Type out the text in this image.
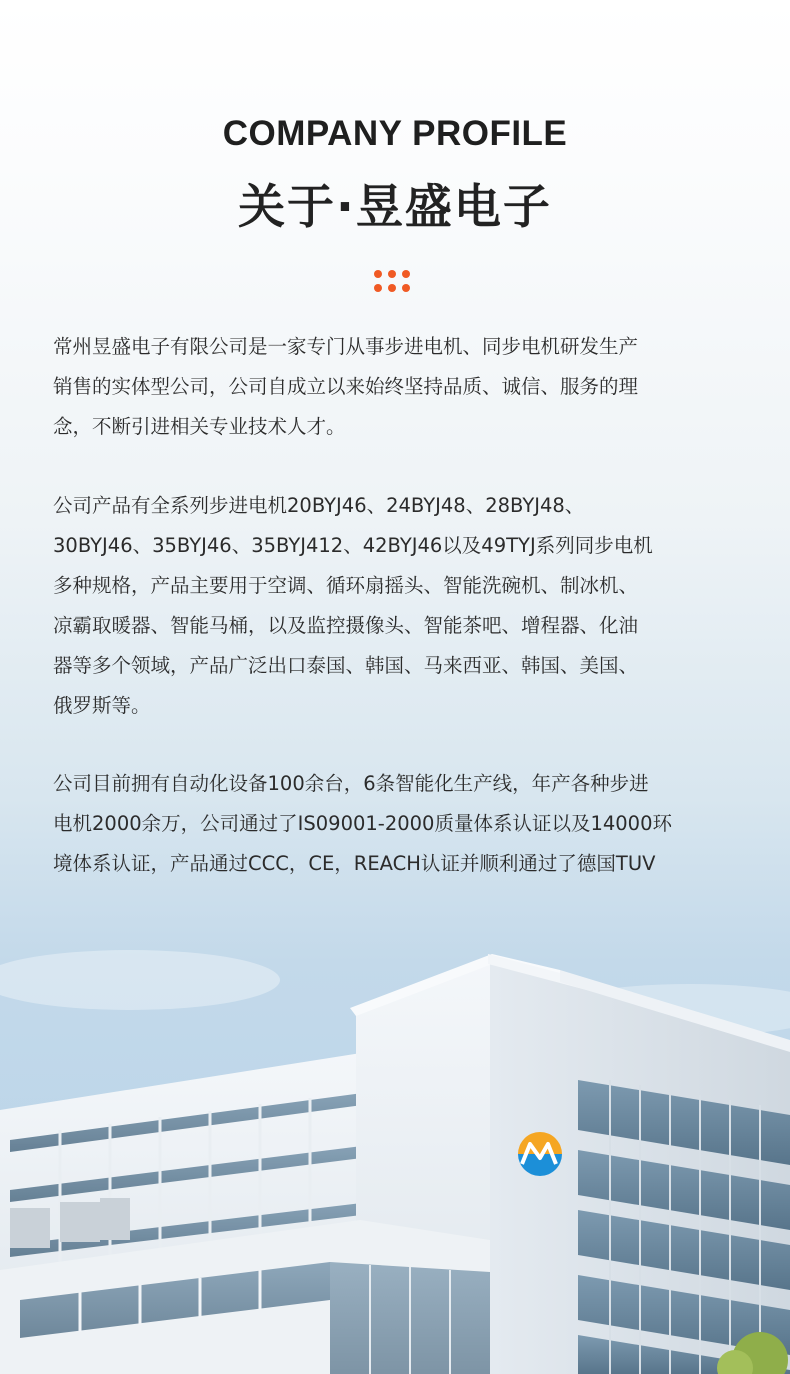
COMPANY PROFILE
关于·昱盛电子
常州昱盛电子有限公司是一家专门从事步进电机、同步电机研发生产
销售的实体型公司，公司自成立以来始终坚持品质、诚信、服务的理
念，不断引进相关专业技术人才。
公司产品有全系列步进电机20BYJ46、24BYJ48、28BYJ48、
30BYJ46、35BYJ46、35BYJ412、42BYJ46以及49TYJ系列同步电机
多种规格，产品主要用于空调、循环扇摇头、智能洗碗机、制冰机、
凉霸取暖器、智能马桶，以及监控摄像头、智能茶吧、增程器、化油
器等多个领域，产品广泛出口泰国、韩国、马来西亚、韩国、美国、
俄罗斯等。
公司目前拥有自动化设备100余台，6条智能化生产线，年产各种步进
电机2000余万，公司通过了IS09001-2000质量体系认证以及14000环
境体系认证，产品通过CCC，CE，REACH认证并顺利通过了德国TUV
